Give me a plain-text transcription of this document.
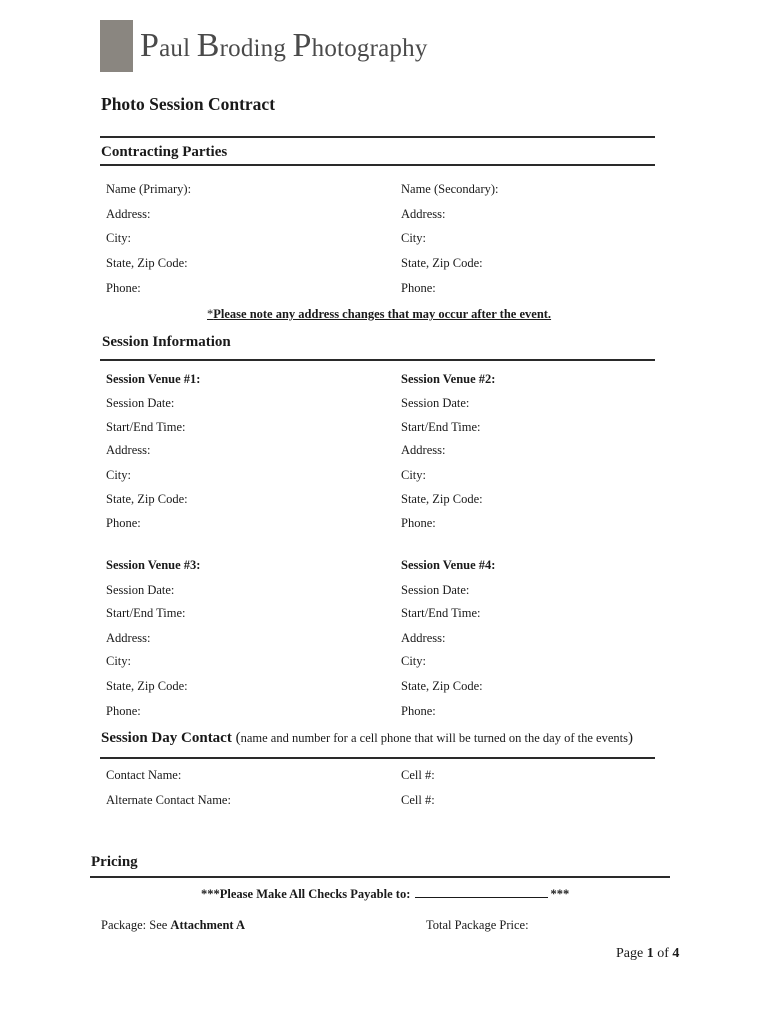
Paul Broding Photography
Photo Session Contract
Contracting Parties
Name (Primary):
Address:
City:
State, Zip Code:
Phone:
Name (Secondary):
Address:
City:
State, Zip Code:
Phone:
*Please note any address changes that may occur after the event.
Session Information
Session Venue #1:
Session Date:
Start/End Time:
Address:
City:
State, Zip Code:
Phone:
Session Venue #2:
Session Date:
Start/End Time:
Address:
City:
State, Zip Code:
Phone:
Session Venue #3:
Session Date:
Start/End Time:
Address:
City:
State, Zip Code:
Phone:
Session Venue #4:
Session Date:
Start/End Time:
Address:
City:
State, Zip Code:
Phone:
Session Day Contact (name and number for a cell phone that will be turned on the day of the events)
Contact Name:
Alternate Contact Name:
Cell #:
Cell #:
Pricing
***Please Make All Checks Payable to:	***
Package: See Attachment A	Total Package Price:
Page 1 of 4
